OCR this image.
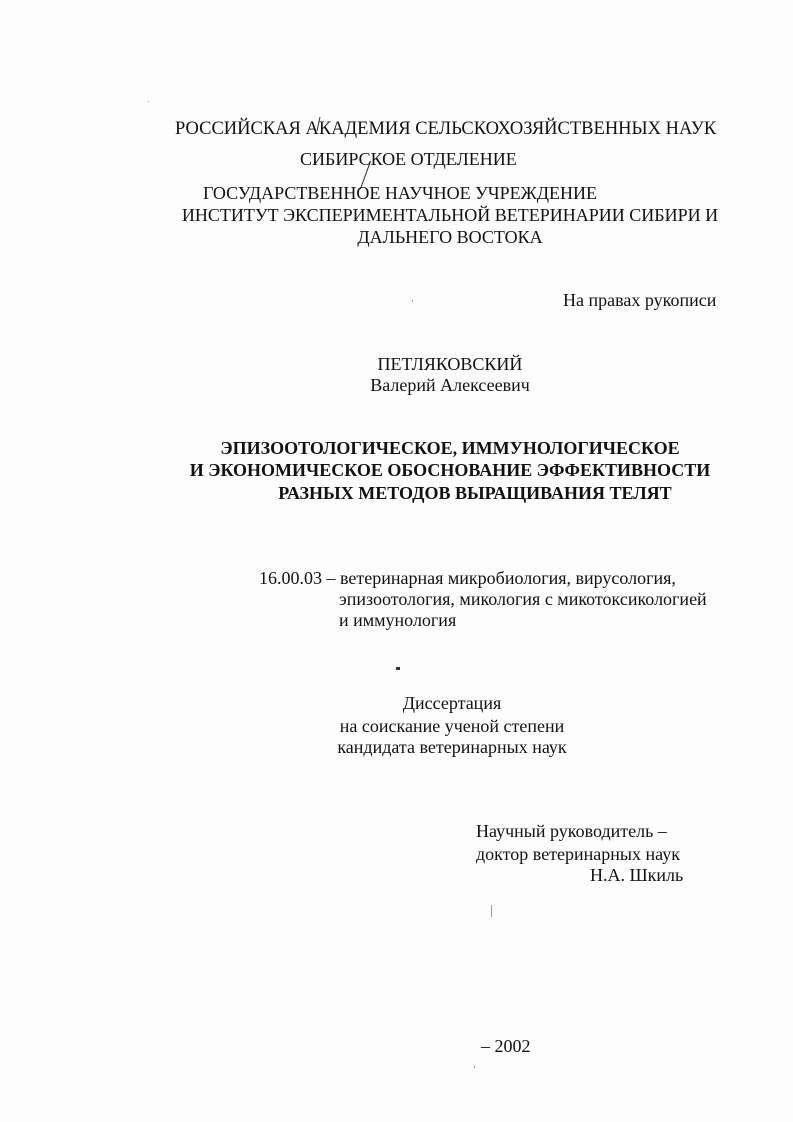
РОССИЙСКАЯ АКАДЕМИЯ СЕЛЬСКОХОЗЯЙСТВЕННЫХ НАУК
СИБИРСКОЕ ОТДЕЛЕНИЕ
ГОСУДАРСТВЕННОЕ НАУЧНОЕ УЧРЕЖДЕНИЕ
ИНСТИТУТ ЭКСПЕРИМЕНТАЛЬНОЙ ВЕТЕРИНАРИИ СИБИРИ И
ДАЛЬНЕГО ВОСТОКА
На правах рукописи
ПЕТЛЯКОВСКИЙ
Валерий Алексеевич
ЭПИЗООТОЛОГИЧЕСКОЕ, ИММУНОЛОГИЧЕСКОЕ
И ЭКОНОМИЧЕСКОЕ ОБОСНОВАНИЕ ЭФФЕКТИВНОСТИ
РАЗНЫХ МЕТОДОВ ВЫРАЩИВАНИЯ ТЕЛЯТ
16.00.03 – ветеринарная микробиология, вирусология,
эпизоотология, микология с микотоксикологией
и иммунология
Диссертация
на соискание ученой степени
кандидата ветеринарных наук
Научный руководитель –
доктор ветеринарных наук
Н.А. Шкиль
– 2002
